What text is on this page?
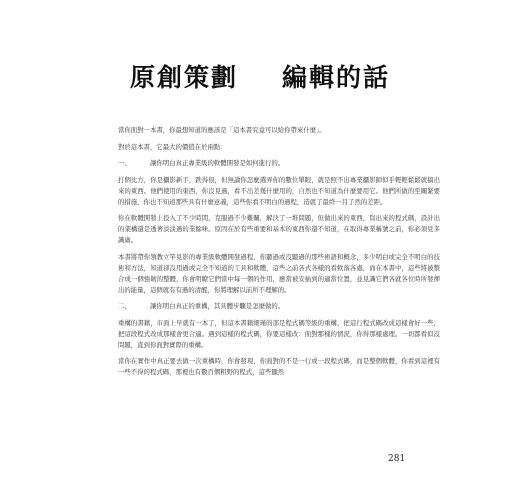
原創策劃 編輯的話

當你面對一本書，你最想知道的應該是「這本書究竟可以給你帶來什麼」。

對於這本書，它最大的價值在於兩點：

一、	讓你明白真正專業級的軟體開發是如何進行的。

打個比方，你是攝影新手，跌得很，但無論你怎麼選弄你的數位單眼，就是照不出專業攝影師似乎輕輕鬆鬆就搞出來的東西。他們使用的東西，你沒見過，看不出差幾什麼用的，自然也不知道為什麼要用它。他們所做的至關緊要的措施，你也不知道那些具有什麼意義，這些你看不明白的過程，造就了最終一目了然的差距。

你在軟體開發上投入了不少時間，克服過不少難關，解決了一堆問題，但做出來的東西，寫出來的程式碼，設計出的架構還是透著淡淡過的業餘味。原因在於有些重要和基本的東西你還不知道，在取得專業稱號之前，你必須見多識廣。

本書將帶你領教立竿見影的專業級軟體開發過程，你聽過或沒聽過的那些術語和概念，多少明白或完全不明白的技術和方法，知道卻沒用過或完全不知道的工具和軟體，這些之前各式各樣的看軟落各處，而在本書中，這些將被整合成一個強韌的整體，你會明瞭它們當中每一個的作用，應當被安插到的適當位置，並見識它們各就各位時所發揮出的能量，這個就有有過的清醒，你將理解以前所不理解的。

二、	讓你明白真正的重構，其具體步驟是怎麼做的。

重構的書籍，市面上早就有一本了，但這本書籍細瑾的部是程式碼等級的重構，把這行程式碼改成這樣會好一些，把這段程式改成那樣會更合適。遇到這樣的程式碼，你要這樣改：面對那樣的情況，你得那樣處理。一切都看似沒問題，直到你面對實際的重構。

當你在實作中真正要去做一次重構時，你會發現，你面對的不是一行或一段程式碼，而是整個軟體，你看到這裡有一些不得的程式碼，那裡也有數百個粗野的程式，這些顯然

281
